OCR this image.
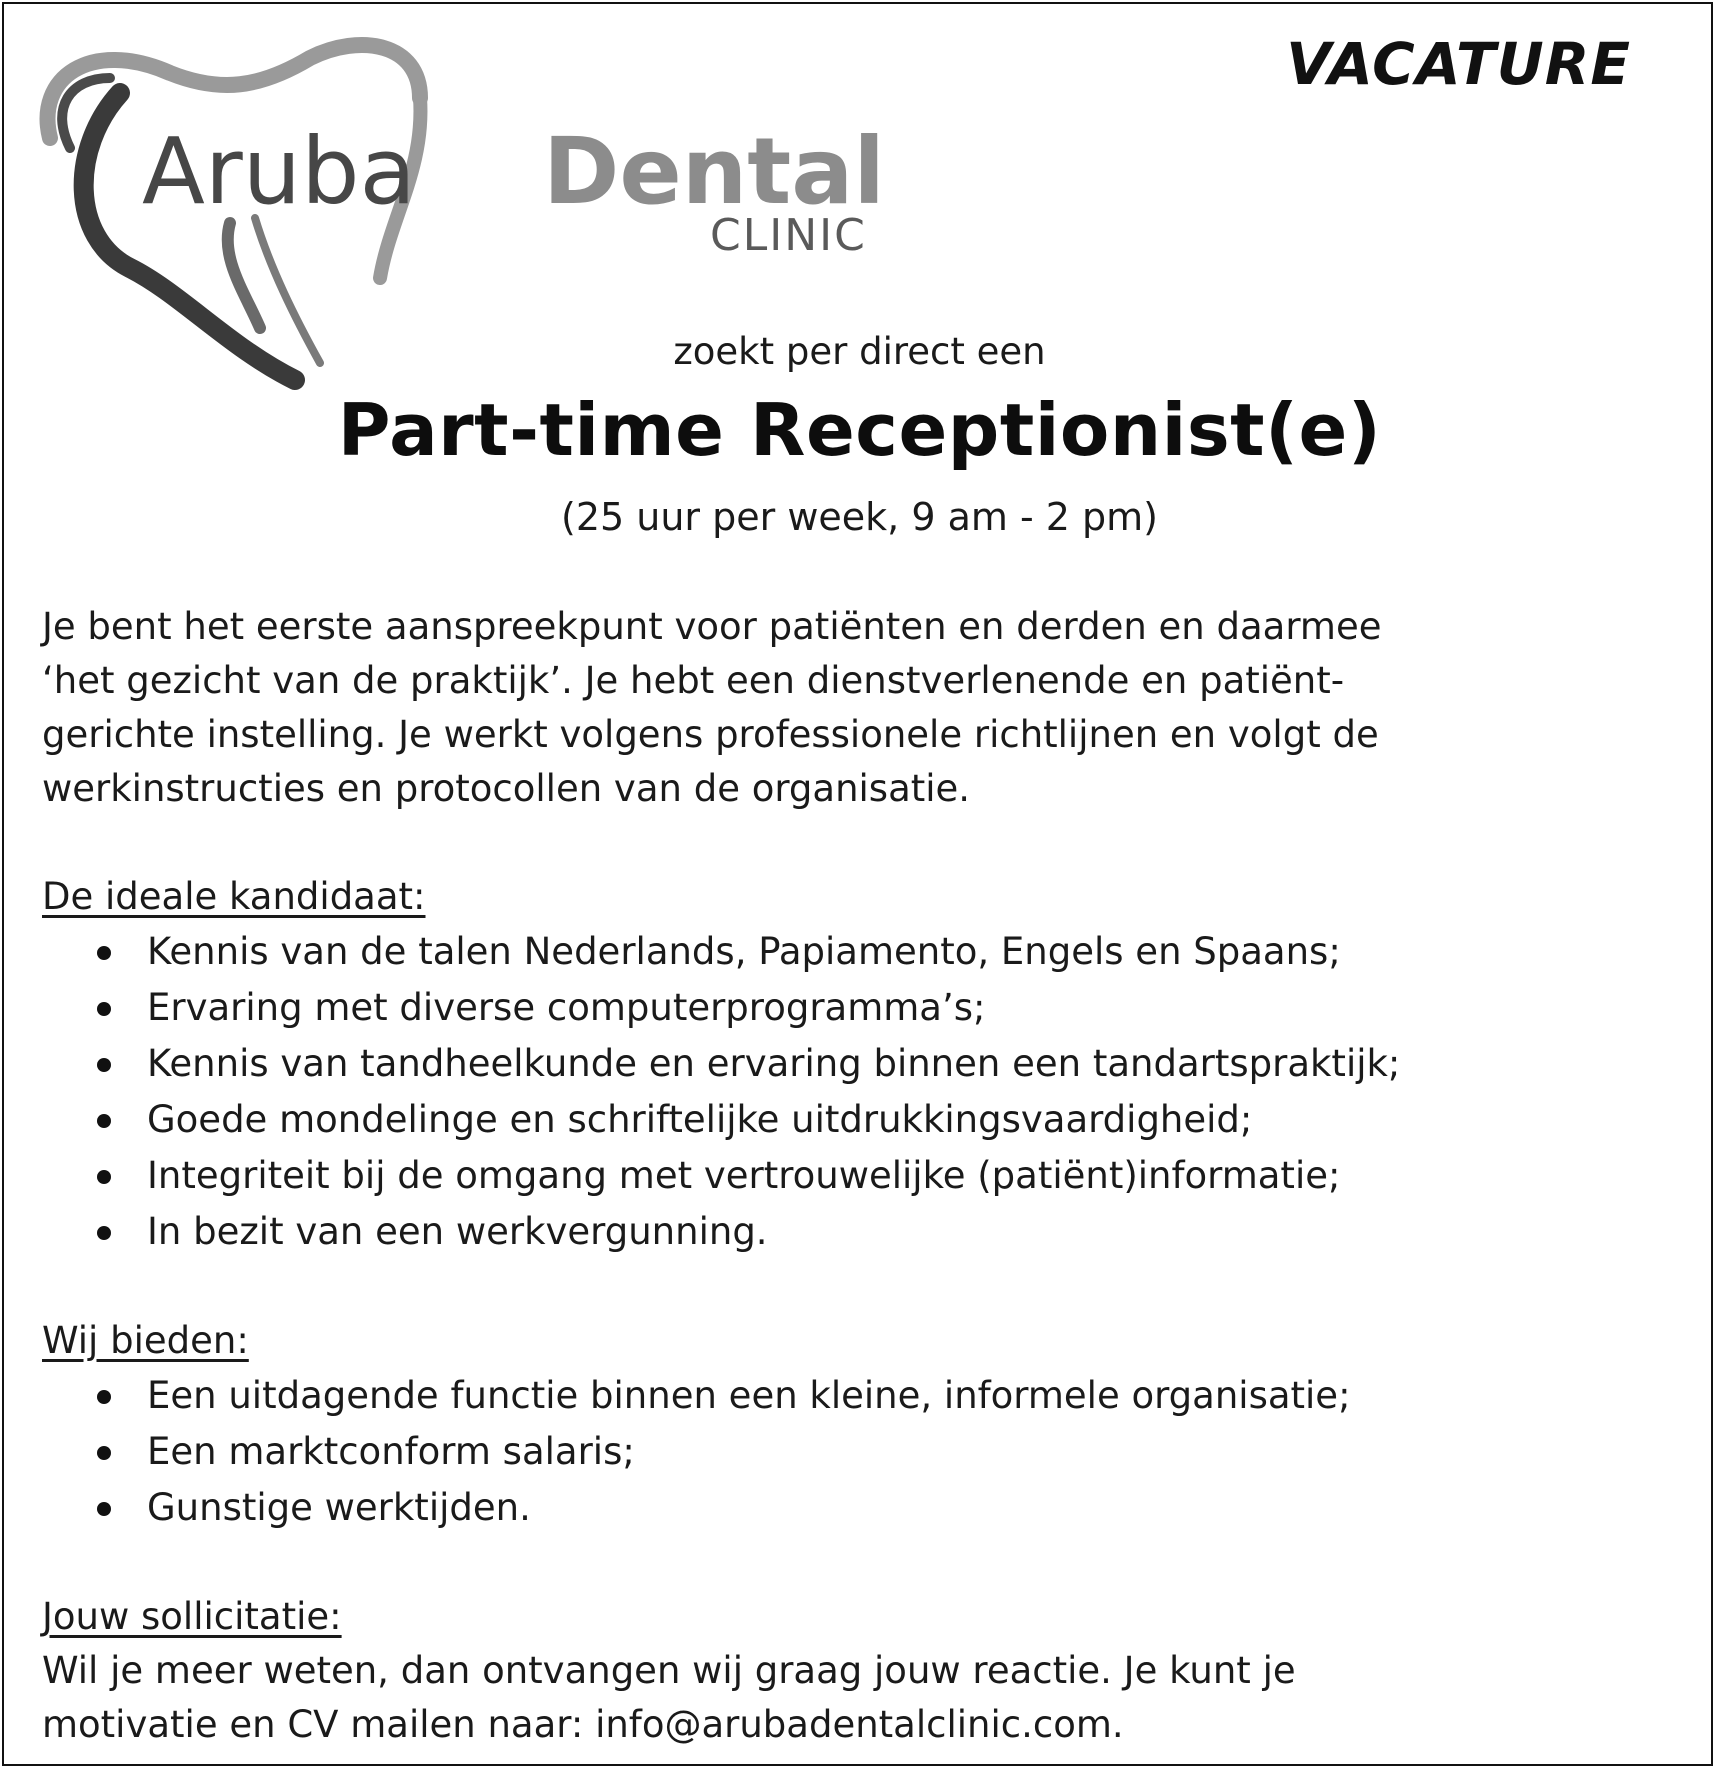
VACATURE
Aruba Dental
CLINIC
zoekt per direct een
Part-time Receptionist(e)
(25 uur per week, 9 am - 2 pm)

Je bent het eerste aanspreekpunt voor patiënten en derden en daarmee
‘het gezicht van de praktijk’. Je hebt een dienstverlenende en patiënt-
gerichte instelling. Je werkt volgens professionele richtlijnen en volgt de
werkinstructies en protocollen van de organisatie.

De ideale kandidaat:

Kennis van de talen Nederlands, Papiamento, Engels en Spaans;
Ervaring met diverse computerprogramma’s;
Kennis van tandheelkunde en ervaring binnen een tandartspraktijk;
Goede mondelinge en schriftelijke uitdrukkingsvaardigheid;
Integriteit bij de omgang met vertrouwelijke (patiënt)informatie;
In bezit van een werkvergunning.

Wij bieden:

Een uitdagende functie binnen een kleine, informele organisatie;
Een marktconform salaris;
Gunstige werktijden.

Jouw sollicitatie:

Wil je meer weten, dan ontvangen wij graag jouw reactie. Je kunt je
motivatie en CV mailen naar: info@arubadentalclinic.com.
